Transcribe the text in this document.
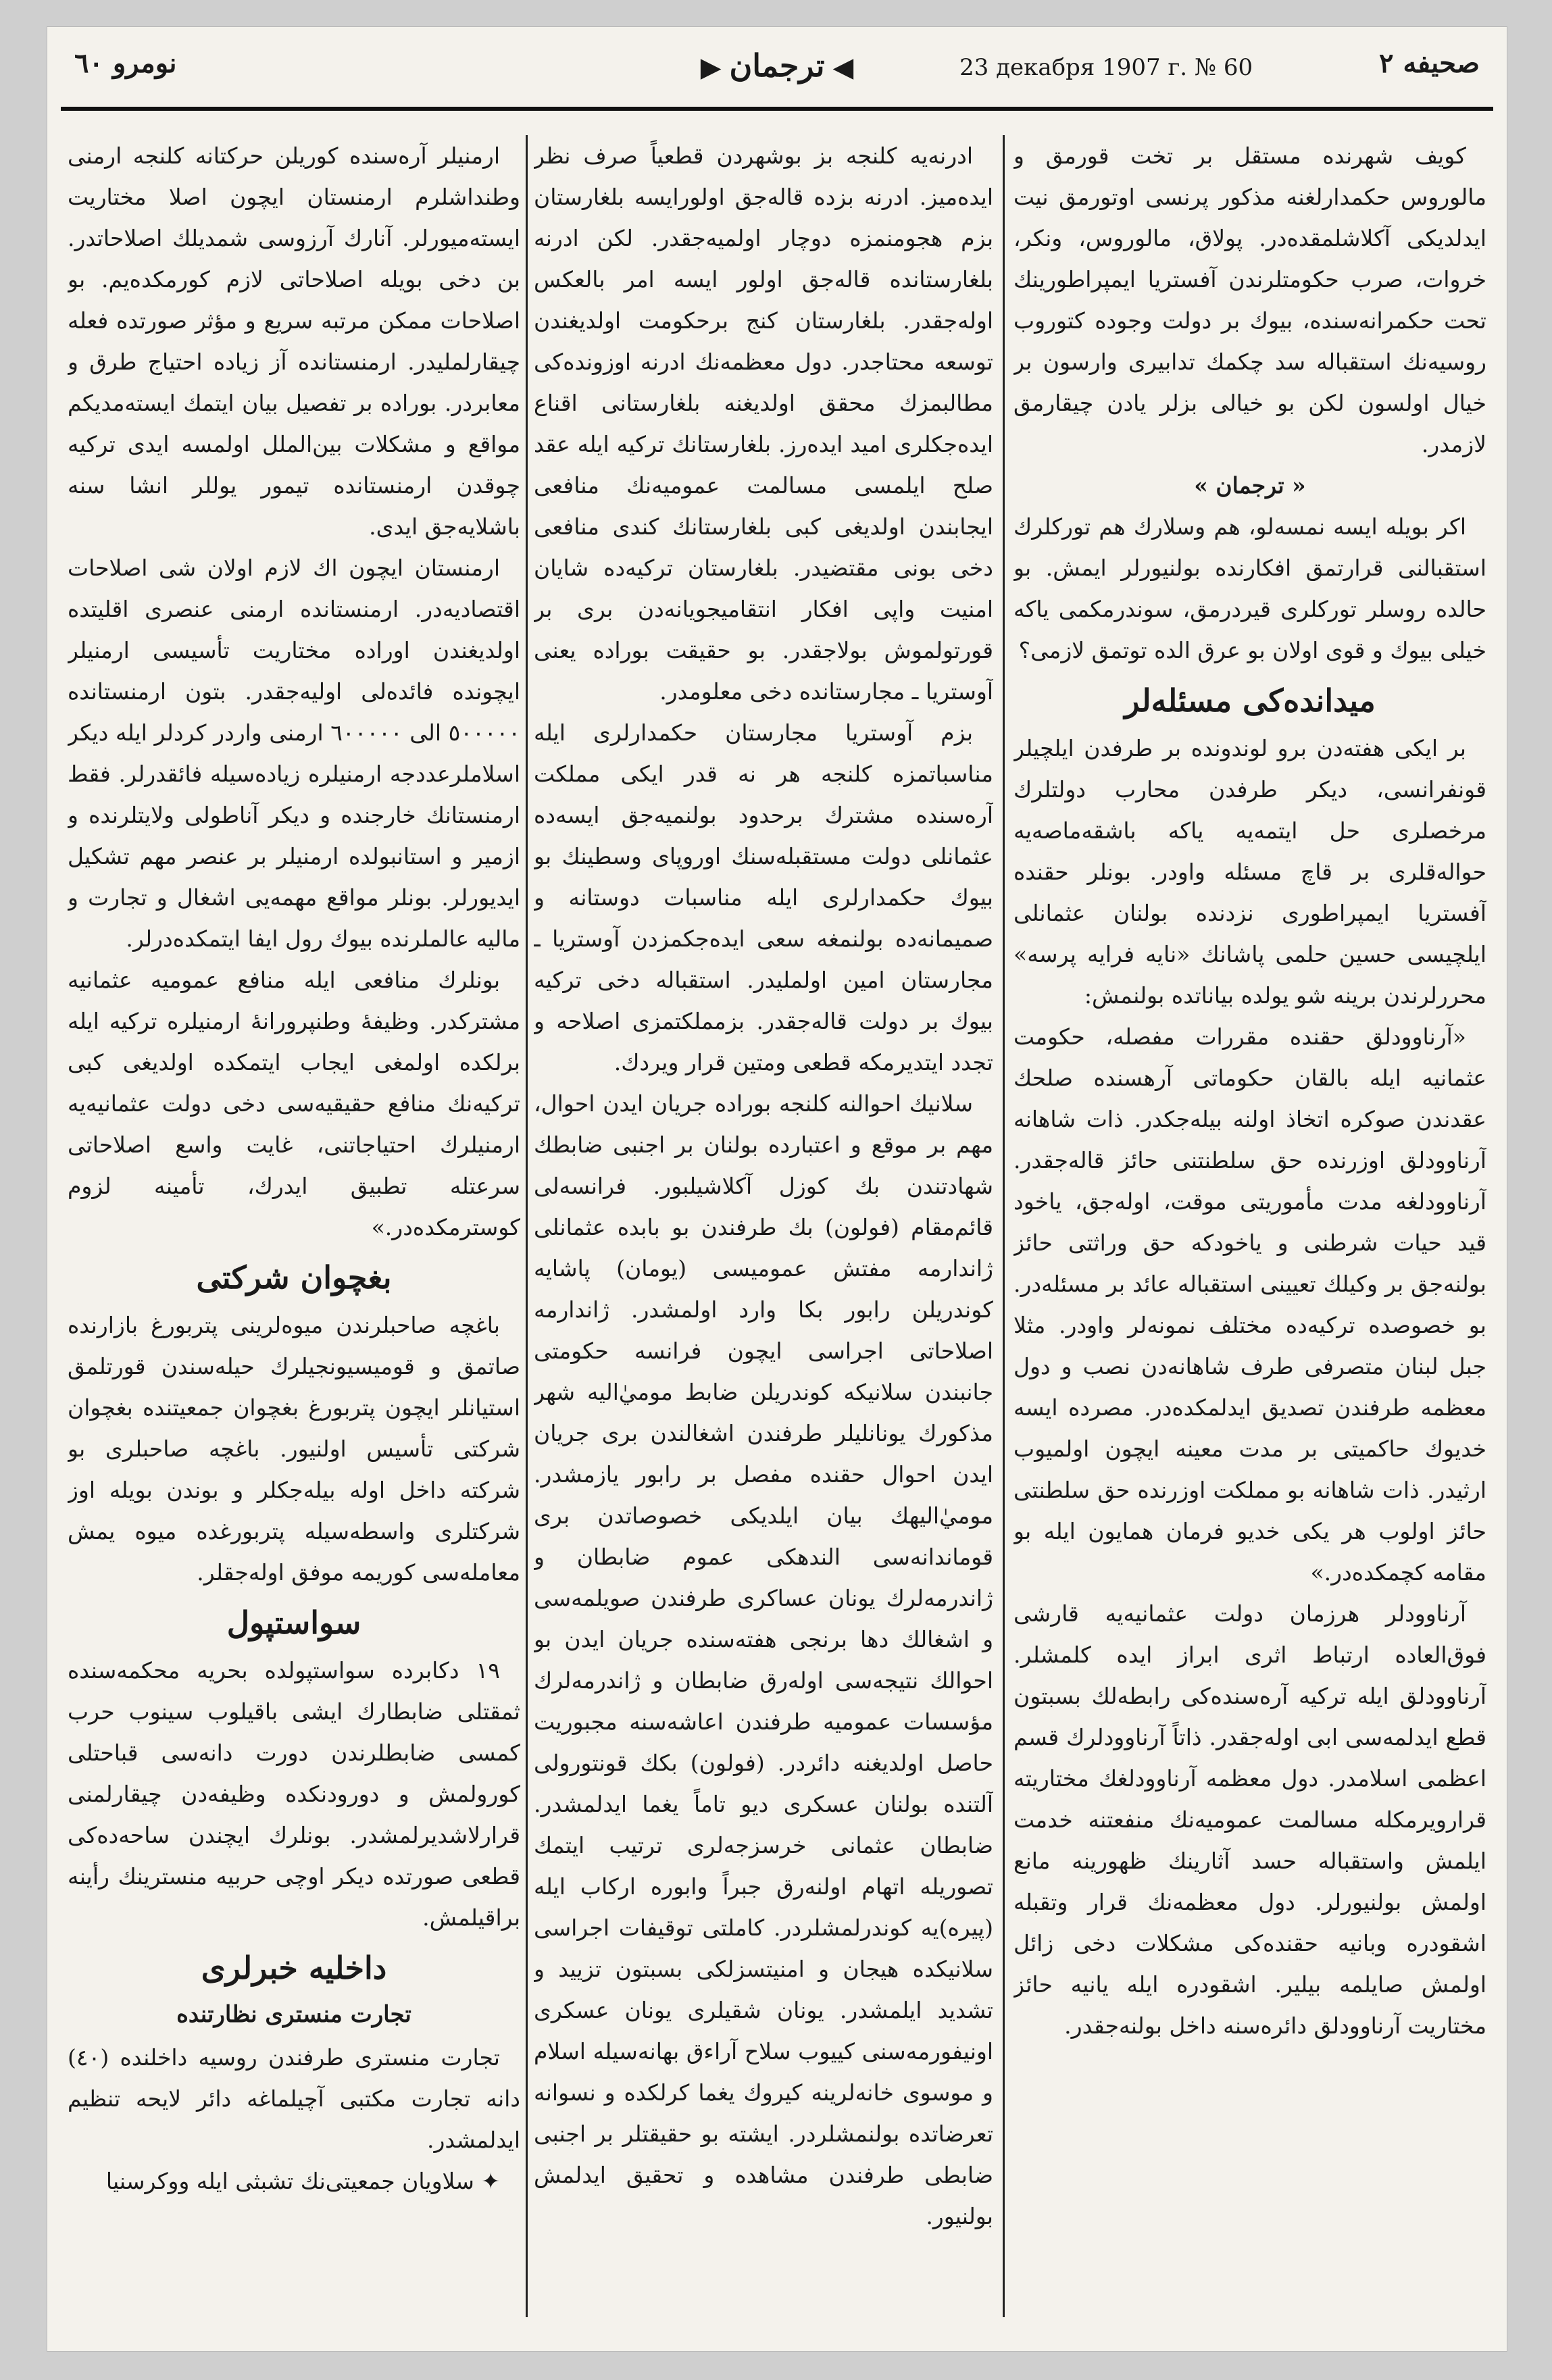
صحيفه ٢
23 декабря 1907 г. № 60
◀ترجمان▶
نومرو ٦٠

كويف شهرنده مستقل بر تخت قورمق و مالوروس حكمدارلغنه مذكور پرنسى اوتورمق نيت ايدلديكى آكلاشلمقده‌در. پولاق، مالوروس، ونكر، خروات، صرب حكومتلرندن آفستريا ايمپراطورينك تحت حكمرانه‌سنده، بيوك بر دولت وجوده كتورو‌ب روسيه‌نك استقباله سد چكمك تدابيرى وارسون بر خيال اولسون لكن بو خيالى بزلر يادن چيقارمق لازمدر.

« ترجمان »

اكر بويله ايسه نمسه‌لو، هم وسلارك هم توركلرك استقبالنى قرارتمق افكارنده بولنيورلر ايمش. بو حالده روسلر توركلرى قيردرمق، سوندرمكمى ياكه خيلى بيوك و قوى اولان بو عرق الده توتمق لازمى؟

ميدانده‌كى مسئله‌لر

بر ايكى هفته‌دن برو لوندونده بر طرفدن ايلچيلر قونفرانسى، ديكر طرفدن محارب دولتلرك مرخصلرى حل ايتمه‌يه ياكه باشقه‌ماصه‌يه حواله‌قلرى بر قاچ مسئله واودر. بونلر حقنده آفستريا ايمپراطورى نزدنده بولنان عثمانلى ايلچيسى حسين حلمى پاشانك «نايه فرايه پرسه» محررلرندن برينه شو يولده بياناتده بولنمش:

«آرناوودلق حقنده مقررات مفصله، حكومت عثمانيه ايله بالقان حكوماتى آرهسنده صلحك عقدندن صوكره اتخاذ اولنه بيله‌جكدر. ذات شاهانه آرناوودلق اوزرنده حق سلطنتنى حائز قاله‌جقدر. آرناوودلغه مدت مأموريتى موقت، اوله‌جق، ياخود قيد حيات شرطنى و ياخودكه حق وراثتى حائز بولنه‌جق بر وكيلك تعيينى استقباله عائد بر مسئله‌در. بو خصوصده تركيه‌ده مختلف نمونه‌لر واودر. مثلا جبل لبنان متصرفى طرف شاهانه‌دن نصب و دول معظمه طرفندن تصديق ايدلمكده‌در. مصرده ايسه خديوك حاكميتى بر مدت معينه ايچون اولميوب ارثيدر. ذات شاهانه بو مملكت اوزرنده حق سلطنتى حائز اولوب هر يكى خديو فرمان همايون ايله بو مقامه كچمكده‌در.»

آرناوودلر هرزمان دولت عثمانيه‌يه قارشى فوق‌العاده ارتباط اثرى ابراز ايده كلمشلر. آرناوودلق ايله تركيه آره‌سنده‌كى رابطه‌لك بسبتون قطع ايدلمه‌سى ابى اوله‌جقدر. ذاتاً آرناوودلرك قسم اعظمى اسلامدر. دول معظمه آرناوودلغك مختاريته قراروير‌مكله مسالمت عموميه‌نك منفعتنه خدمت ايلمش واستقباله حسد آثارينك ظهورينه مانع اولمش بولنيورلر. دول معظمه‌نك قرار وتقبله اشقودره وبانيه حقنده‌كى مشكلات دخى زائل اولمش صايلمه بيلير. اشقودره ايله يانيه حائز مختاريت آرناوودلق دائره‌سنه داخل بولنه‌جقدر.

ادرنه‌يه كلنجه بز بوشهردن قطعياً صرف نظر ايده‌ميز. ادرنه بزده قاله‌جق اولورايسه بلغارستان بزم هجومنمزه دوچار اولميه‌جقدر. لكن ادرنه بلغارستانده قاله‌جق اولور ايسه امر بالعكس اوله‌جقدر. بلغارستان كنج برحكومت اولديغندن توسعه محتاجدر. دول معظمه‌نك ادرنه اوزونده‌كى مطالبمزك محقق اولديغنه بلغارستانى اقناع ايده‌جكلرى اميد ايده‌رز. بلغارستانك تركيه ايله عقد صلح ايلمسى مسالمت عموميه‌نك منافعى ايجابندن اولديغى كبى بلغارستانك كندى منافعى دخى بونى مقتضيدر. بلغارستان تركيه‌ده شايان امنيت واپى افكار انتقاميجويانه‌دن برى بر قورتولموش بولاجقدر. بو حقيقت بوراده يعنى آوستريا ـ مجارستانده دخى معلومدر.

بزم آوستريا مجارستان حكمدارلرى ايله مناسباتمزه كلنجه هر نه قدر ايكى مملكت آره‌سنده مشترك برحدود بولنميه‌جق ايسه‌ده عثمانلى دولت مستقبله‌سنك اوروپاى وسطينك بو بيوك حكمدارلرى ايله مناسبات دوستانه و صميمانه‌ده بولنمغه سعى ايده‌جكمزدن آوستريا ـ مجارستان امين اولمليدر. استقباله دخى تركيه بيوك بر دولت قاله‌جقدر. بزمملكتمزى اصلاحه و تجدد ايتديرمكه قطعى ومتين قرار ويردك.

سلانيك احوالنه كلنجه بوراده جريان ايدن احوال، مهم بر موقع و اعتبارده بولنان بر اجنبى ضابطك شهادتندن بك كوزل آكلاشيلبور. فرانسه‌لى قائم‌مقام (فولون) بك طرفندن بو بابده عثمانلى ژاندارمه مفتش عموميسى (يومان) پاشايه كوندريلن رابور بكا وارد اولمشدر. ژاندارمه اصلاحاتى اجراسى ايچون فرانسه حكومتى جانبندن سلانيكه كوندريلن ضابط موميٰ‌اليه شهر مذكورك يونانليلر طرفندن اشغالندن برى جريان ايدن احوال حقنده مفصل بر رابور يازمشدر. موميٰ‌اليهك بيان ايلديكى خصوصاتدن برى قوماندانه‌سى الندهكى عموم ضابطان و ژاندرمه‌لرك يونان عساكرى طرفندن صويلمه‌سى و اشغالك دها برنجى هفته‌سنده جريان ايدن بو احوالك نتيجه‌سى اوله‌رق ضابطان و ژاندرمه‌لرك مؤسسات عموميه طرفندن اعاشه‌سنه مجبوريت حاصل اولديغنه دائردر. (فولون) بكك قونتورولى آلتنده بولنان عسكرى ديو تاماً يغما ايدلمشدر. ضابطان عثمانى خرسزجه‌لرى ترتيب ايتمك تصوريله اتهام اولنه‌رق جبراً وابوره اركاب ايله (پيره)يه كوندرلمشلردر. كاملتى توقيفات اجراسى سلانيكده هيجان و امنيتسزلكى بسبتون تزييد و تشديد ايلمشدر. يونان شقيلرى يونان عسكرى اونيفورمه‌سنى كييوب سلاح آراءق بهانه‌سيله اسلام و موسوى خانه‌لرينه كيروك يغما كرلكده و نسوانه تعرضاتده بولنمشلردر. ايشته بو حقيقتلر بر اجنبى ضابطى طرفندن مشاهده و تحقيق ايدلمش بولنيور.

ارمنيلر آره‌سنده كوريلن حركتانه كلنجه ارمنى وطنداشلرم ارمنستان ايچون اصلا مختاريت ايسته‌ميورلر. آنارك آرزوسى شمديلك اصلاحاتدر. بن دخى بويله اصلاحاتى لازم كورمكده‌يم. بو اصلاحات ممكن مرتبه سريع و مؤثر صورتده فعله چيقارلمليدر. ارمنستانده آز زياده احتياج طرق و معابردر. بوراده بر تفصيل بيان ايتمك ايسته‌مديكم مواقع و مشكلات بين‌الملل اولمسه ايدى تركيه چوقدن ارمنستانده تيمور يوللر انشا سنه باشلايه‌جق ايدى.

ارمنستان ايچون اك لازم اولان شى اصلاحات اقتصاديه‌در. ارمنستانده ارمنى عنصرى اقليتده اولديغندن اوراده مختاريت تأسيسى ارمنيلر ايچونده فائده‌لى اوليه‌جقدر. بتون ارمنستانده ٥٠٠٠٠٠ الى ٦٠٠٠٠٠ ارمنى واردر كردلر ايله ديكر اسلاملرعددجه ارمنيلره زياده‌سيله فائقدرلر. فقط ارمنستانك خارجنده و ديكر آناطولى ولايتلرنده و ازمير و استانبولده ارمنيلر بر عنصر مهم تشكيل ايديورلر. بونلر مواقع مهمه‌يى اشغال و تجارت و ماليه عالملرنده بيوك رول ايفا ايتمكده‌درلر.

بونلرك منافعى ايله منافع عموميه عثمانيه مشتركدر. وظيفهٔ وطنپرورانهٔ ارمنيلره تركيه ايله برلكده اولمغى ايجاب ايتمكده اولديغى كبى تركيه‌نك منافع حقيقيه‌سى دخى دولت عثمانيه‌يه ارمنيلرك احتياجاتنى، غايت واسع اصلاحاتى سرعتله تطبيق ايدرك، تأمينه لزوم كوسترمكده‌در.»

بغچوان شركتى

باغچه صاحبلرندن ميوه‌لرينى پتربورغ بازارنده صاتمق و قوميسيونجيلرك حيله‌سندن قورتلمق استيانلر ايچون پتربورغ بغچوان جمعيتنده بغچوان شركتى تأسيس اولنيور. باغچه صاحبلرى بو شركته داخل اوله بيله‌جكلر و بوندن بويله اوز شركتلرى واسطه‌سيله پتربورغده ميوه يمش معامله‌سى كوريمه موفق اوله‌جقلر.

سواستپول

١٩ دكابرده سواستپولده بحريه محكمه‌سنده ثمقتلى ضابطارك ايشى باقيلوب سينوب حرب كمسى ضابطلرندن دورت دانه‌سى قباحتلى كورولمش و دورودنكده وظيفه‌دن چيقارلمنى قرارلاشديرلمشدر. بونلرك ايچندن ساحه‌ده‌كى قطعى صورتده ديكر اوچى حربيه منسترينك رأينه براقيلمش.

داخليه خبرلرى
تجارت منسترى نظارتنده

تجارت منسترى طرفندن روسيه داخلنده (٤٠) دانه تجارت مكتبى آچيلماغه دائر لايحه تنظيم ايدلمشدر.

✦ سلاويان جمعيتى‌نك تشبثى ايله ووكرسنيا
